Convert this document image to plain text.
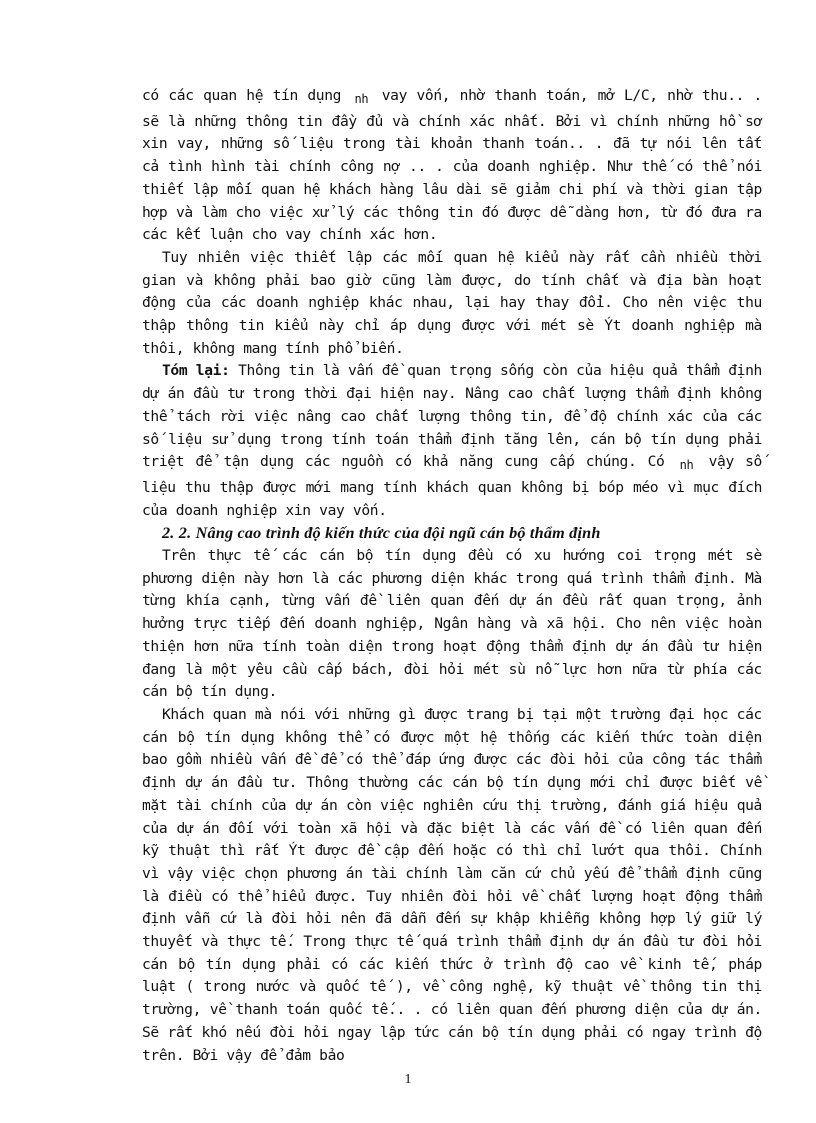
có các quan hệ tín dụng $_{nh}$ vay vốn, nhờ thanh toán, mở L/C, nhờ thu.. . sẽ là những thông tin đầy đủ và chính xác nhất. Bởi vì chính những hồ sơ xin vay, những số liệu trong tài khoản thanh toán.. . đã tự nói lên tất cả tình hình tài chính công nợ .. . của doanh nghiệp. Như thế có thể nói thiết lập mối quan hệ khách hàng lâu dài sẽ giảm chi phí và thời gian tập hợp và làm cho việc xử lý các thông tin đó được dễ dàng hơn, từ đó đưa ra các kết luận cho vay chính xác hơn.

Tuy nhiên việc thiết lập các mối quan hệ kiểu này rất cần nhiều thời gian và không phải bao giờ cũng làm được, do tính chất và địa bàn hoạt động của các doanh nghiệp khác nhau, lại hay thay đổi. Cho nên việc thu thập thông tin kiểu này chỉ áp dụng được với mét sè Ýt doanh nghiệp mà thôi, không mang tính phổ biến.

Tóm lại: Thông tin là vấn đề quan trọng sống còn của hiệu quả thẩm định dự án đầu tư trong thời đại hiện nay. Nâng cao chất lượng thẩm định không thể tách rời việc nâng cao chất lượng thông tin, để độ chính xác của các số liệu sử dụng trong tính toán thẩm định tăng lên, cán bộ tín dụng phải triệt để tận dụng các nguồn có khả năng cung cấp chúng. Có $_{nh}$ vậy số liệu thu thập được mới mang tính khách quan không bị bóp méo vì mục đích của doanh nghiệp xin vay vốn.

2. 2. Nâng cao trình độ kiến thức của đội ngũ cán bộ thẩm định

Trên thực tế các cán bộ tín dụng đều có xu hướng coi trọng mét sè phương diện này hơn là các phương diện khác trong quá trình thẩm định. Mà từng khía cạnh, từng vấn đề liên quan đến dự án đều rất quan trọng, ảnh hưởng trực tiếp đến doanh nghiệp, Ngân hàng và xã hội. Cho nên việc hoàn thiện hơn nữa tính toàn diện trong hoạt động thẩm định dự án đầu tư hiện đang là một yêu cầu cấp bách, đòi hỏi mét sù nỗ lực hơn nữa từ phía các cán bộ tín dụng.

Khách quan mà nói với những gì được trang bị tại một trường đại học các cán bộ tín dụng không thể có được một hệ thống các kiến thức toàn diện bao gồm nhiều vấn đề để có thể đáp ứng được các đòi hỏi của công tác thẩm định dự án đầu tư. Thông thường các cán bộ tín dụng mới chỉ được biết về mặt tài chính của dự án còn việc nghiên cứu thị trường, đánh giá hiệu quả của dự án đối với toàn xã hội và đặc biệt là các vấn đề có liên quan đến kỹ thuật thì rất Ýt được đề cập đến hoặc có thì chỉ lướt qua thôi. Chính vì vậy việc chọn phương án tài chính làm căn cứ chủ yếu để thẩm định cũng là điều có thể hiểu được. Tuy nhiên đòi hỏi về chất lượng hoạt động thẩm định vẫn cứ là đòi hỏi nên đã dẫn đến sự khập khiễng không hợp lý giữ lý thuyết và thực tế. Trong thực tế quá trình thẩm định dự án đầu tư đòi hỏi cán bộ tín dụng phải có các kiến thức ở trình độ cao về kinh tế, pháp luật ( trong nước và quốc tế ), về công nghệ, kỹ thuật về thông tin thị trường, về thanh toán quốc tế.. . có liên quan đến phương diện của dự án. Sẽ rất khó nếu đòi hỏi ngay lập tức cán bộ tín dụng phải có ngay trình độ trên. Bởi vậy để đảm bảo

1
